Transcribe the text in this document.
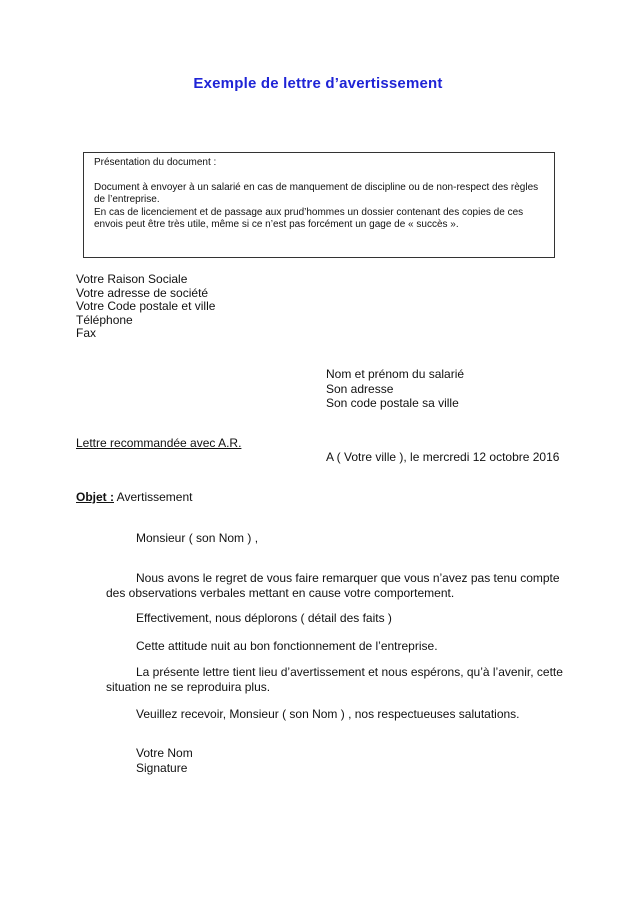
Exemple de lettre d’avertissement

Présentation du document :

Document à envoyer à un salarié en cas de manquement de discipline ou de non-respect des règles de l’entreprise.

En cas de licenciement et de passage aux prud’hommes un dossier contenant des copies de ces envois peut être très utile, même si ce n’est pas forcément un gage de « succès ».

Votre Raison Sociale
Votre adresse de société
Votre Code postale et ville
Téléphone
Fax
Nom et prénom du salarié
Son adresse
Son code postale sa ville
Lettre recommandée avec A.R.
A ( Votre ville ), le mercredi 12 octobre 2016
Objet : Avertissement
Monsieur ( son Nom ) ,
Nous avons le regret de vous faire remarquer que vous n’avez pas tenu compte des observations verbales mettant en cause votre comportement.
Effectivement, nous déplorons ( détail des faits )
Cette attitude nuit au bon fonctionnement de l’entreprise.
La présente lettre tient lieu d’avertissement et nous espérons, qu’à l’avenir, cette situation ne se reproduira plus.
Veuillez recevoir, Monsieur ( son Nom ) , nos respectueuses salutations.
Votre Nom
Signature
